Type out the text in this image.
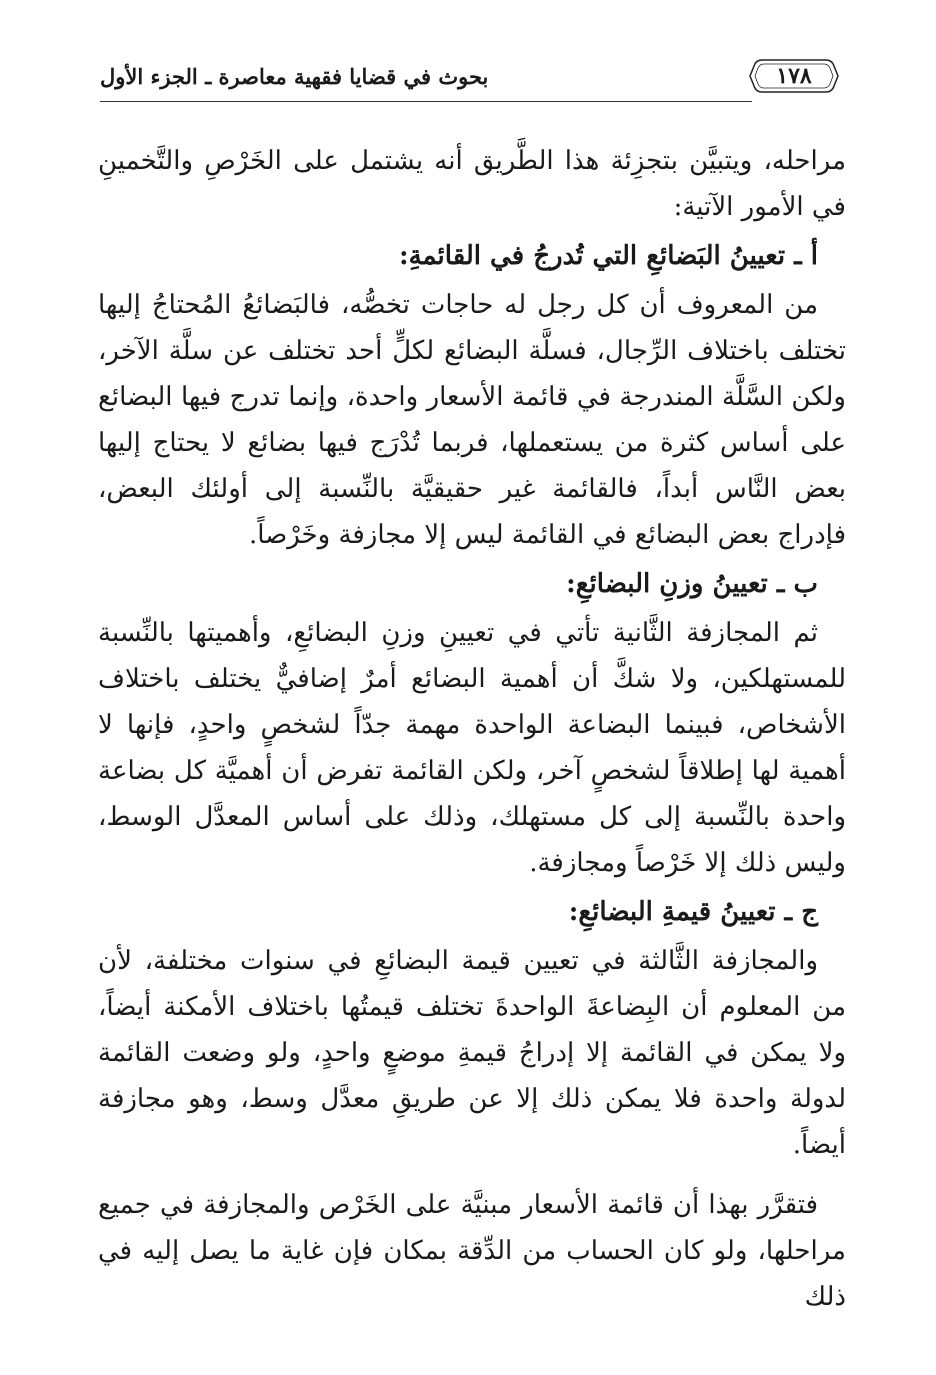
١٧٨
بحوث في قضايا فقهية معاصرة ـ الجزء الأول

مراحله، ويتبيَّن بتجزِئة هذا الطَّريق أنه يشتمل على الخَرْصِ والتَّخمينِ في الأمور الآتية:

أ ـ تعيينُ البَضائعِ التي تُدرجُ في القائمةِ:

من المعروف أن كل رجل له حاجات تخصُّه، فالبَضائعُ المُحتاجُ إليها تختلف باختلاف الرِّجال، فسلَّة البضائع لكلٍّ أحد تختلف عن سلَّة الآخر، ولكن السَّلَّة المندرجة في قائمة الأسعار واحدة، وإنما تدرج فيها البضائع على أساس كثرة من يستعملها، فربما تُدْرَج فيها بضائع لا يحتاج إليها بعض النَّاس أبداً، فالقائمة غير حقيقيَّة بالنِّسبة إلى أولئك البعض، فإدراج بعض البضائع في القائمة ليس إلا مجازفة وخَرْصاً.

ب ـ تعيينُ وزنِ البضائعِ:

ثم المجازفة الثَّانية تأتي في تعيينِ وزنِ البضائعِ، وأهميتها بالنِّسبة للمستهلكين، ولا شكَّ أن أهمية البضائع أمرٌ إضافيٌّ يختلف باختلاف الأشخاص، فبينما البضاعة الواحدة مهمة جدّاً لشخصٍ واحدٍ، فإنها لا أهمية لها إطلاقاً لشخصٍ آخر، ولكن القائمة تفرض أن أهميَّة كل بضاعة واحدة بالنِّسبة إلى كل مستهلك، وذلك على أساس المعدَّل الوسط، وليس ذلك إلا خَرْصاً ومجازفة.

ج ـ تعيينُ قيمةِ البضائعِ:

والمجازفة الثَّالثة في تعيين قيمة البضائعِ في سنوات مختلفة، لأن من المعلوم أن البِضاعةَ الواحدةَ تختلف قيمتُها باختلاف الأمكنة أيضاً، ولا يمكن في القائمة إلا إدراجُ قيمةِ موضعٍ واحدٍ، ولو وضعت القائمة لدولة واحدة فلا يمكن ذلك إلا عن طريقِ معدَّل وسط، وهو مجازفة أيضاً.

فتقرَّر بهذا أن قائمة الأسعار مبنيَّة على الخَرْص والمجازفة في جميع مراحلها، ولو كان الحساب من الدِّقة بمكان فإن غاية ما يصل إليه في ذلك
